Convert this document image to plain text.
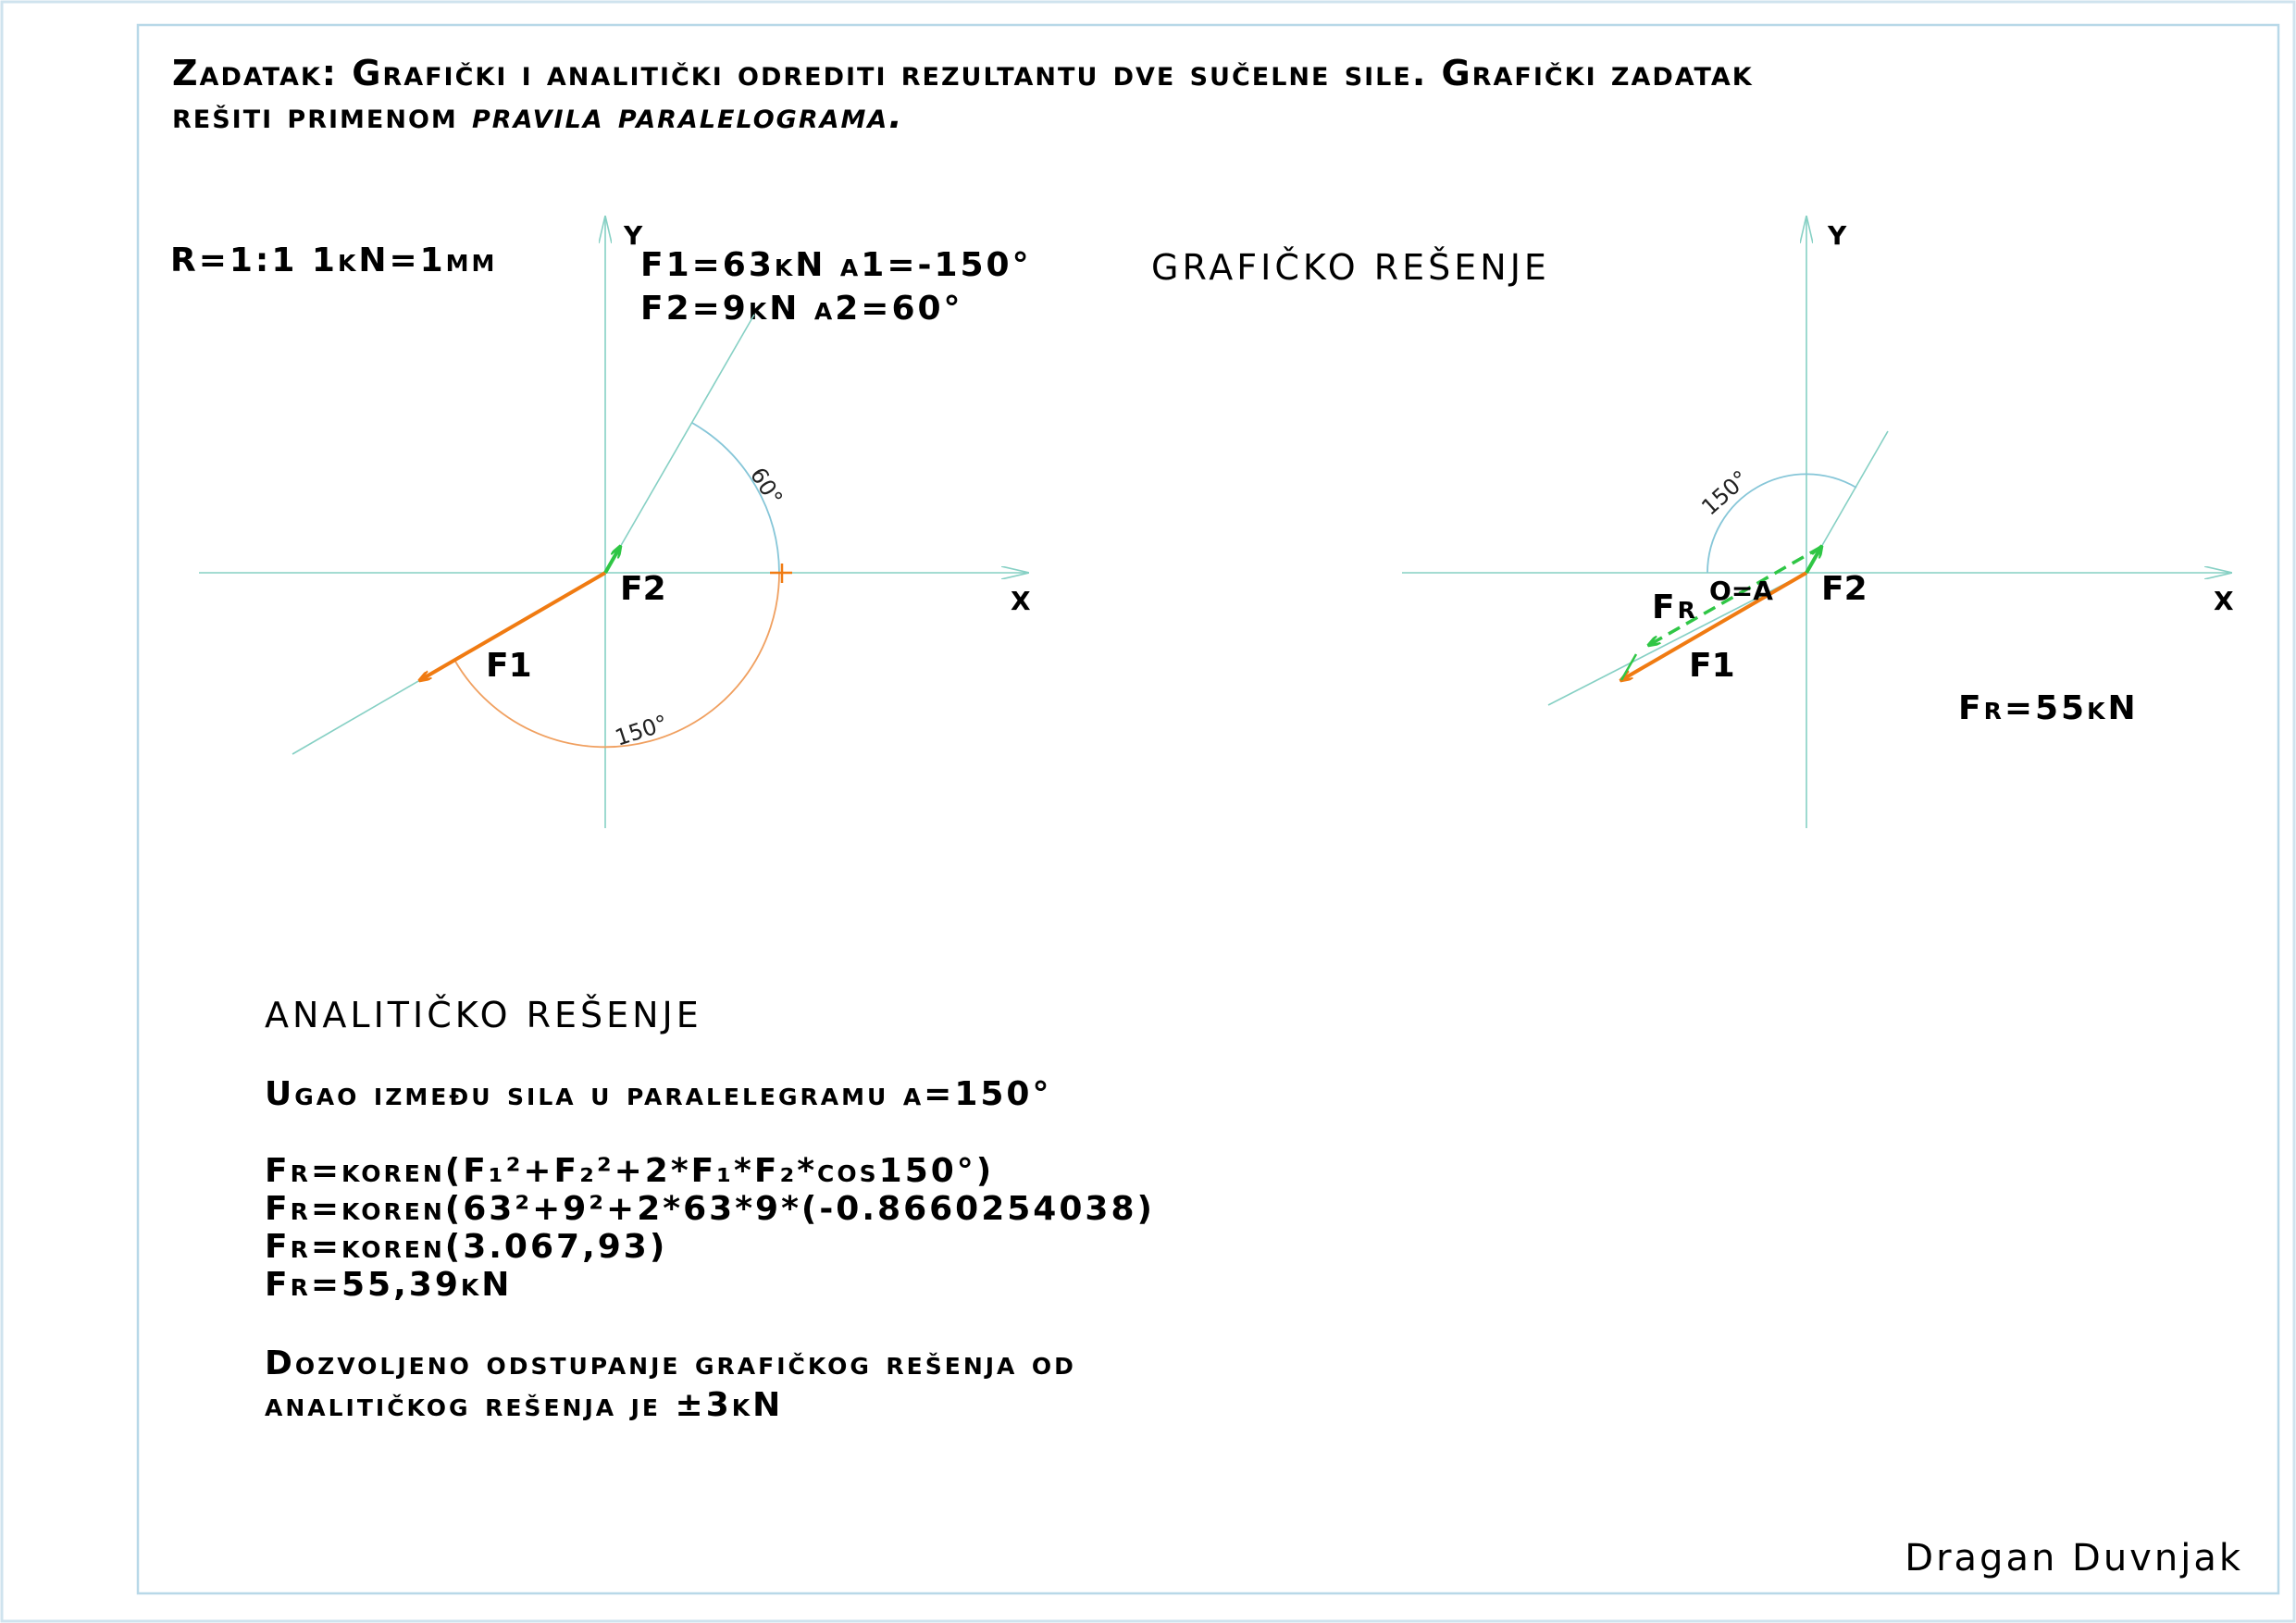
Zadatak: Grafički i analitički odrediti rezultantu dve sučelne sile. Grafički zadatak
rešiti primenom pravila paralelograma.
R=1:1 1kN=1mm	F1=63kN α1=-150°
F2=9kN α2=60°
GRAFIČKO REŠENJE
X
Y
F1
F2
60°
150°
X
Y
F1
F2
Fr O=A
150°
Fr=55kN
ANALITIČKO REŠENJE
Ugao između sila u paralelegramu α=150°
Fr=koren(F₁²+F₂²+2*F₁*F₂*cos150°)
Fr=koren(63²+9²+2*63*9*(-0.8660254038)
Fr=koren(3.067,93)
Fr=55,39kN
Dozvoljeno odstupanje grafičkog rešenja od
analitičkog rešenja je ±3kN
Dragan Duvnjak
